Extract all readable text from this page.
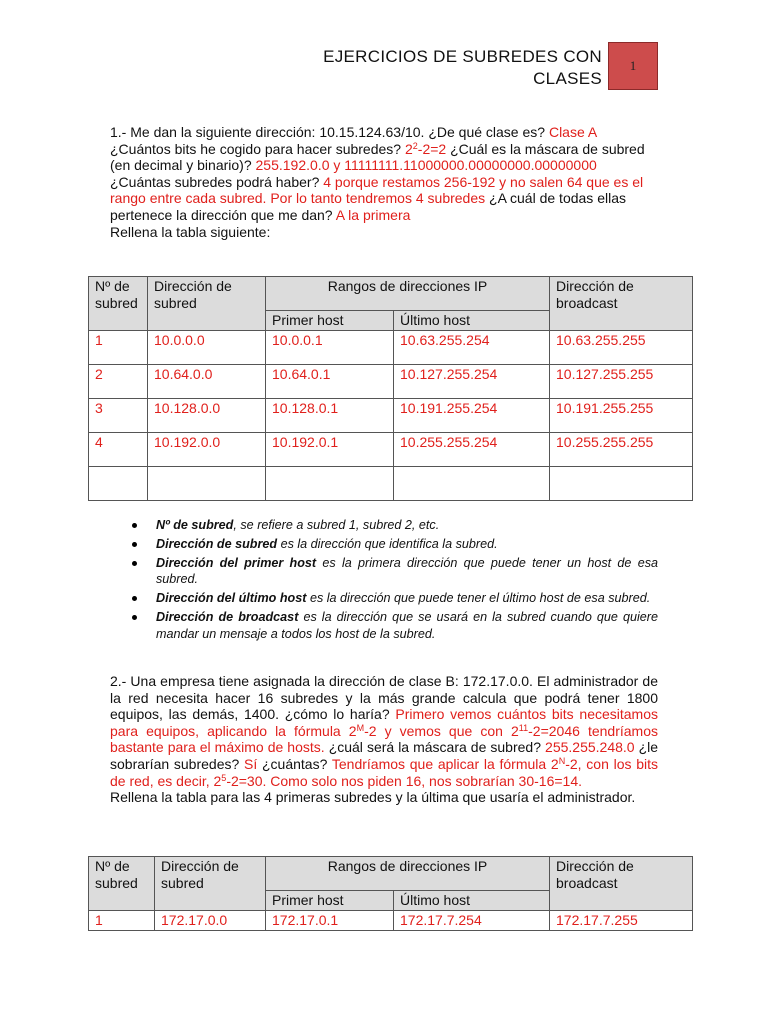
EJERCICIOS DE SUBREDES CON
CLASES
1
1.- Me dan la siguiente dirección: 10.15.124.63/10. ¿De qué clase es? Clase A ¿Cuántos bits he cogido para hacer subredes? $2^2-2=2$ ¿Cuál es la máscara de subred (en decimal y binario)? 255.192.0.0 y 11111111.11000000.00000000.00000000 ¿Cuántas subredes podrá haber? 4 porque restamos 256-192 y no salen 64 que es el rango entre cada subred. Por lo tanto tendremos 4 subredes ¿A cuál de todas ellas pertenece la dirección que me dan? A la primera
Rellena la tabla siguiente:
Nº de subred	Dirección de subred	Rangos de direcciones IP		Dirección de broadcast
		Primer host	Último host	
1	10.0.0.0	10.0.0.1	10.63.255.254	10.63.255.255
2	10.64.0.0	10.64.0.1	10.127.255.254	10.127.255.255
3	10.128.0.0	10.128.0.1	10.191.255.254	10.191.255.255
4	10.192.0.0	10.192.0.1	10.255.255.254	10.255.255.255

Nº de subred, se refiere a subred 1, subred 2, etc.
Dirección de subred es la dirección que identifica la subred.
Dirección del primer host es la primera dirección que puede tener un host de esa subred.
Dirección del último host es la dirección que puede tener el último host de esa subred.
Dirección de broadcast es la dirección que se usará en la subred cuando que quiere mandar un mensaje a todos los host de la subred.
2.- Una empresa tiene asignada la dirección de clase B: 172.17.0.0. El administrador de la red necesita hacer 16 subredes y la más grande calcula que podrá tener 1800 equipos, las demás, 1400. ¿cómo lo haría? Primero vemos cuántos bits necesitamos para equipos, aplicando la fórmula $2^M-2$ y vemos que con $2^{11}-2=2046$ tendríamos bastante para el máximo de hosts. ¿cuál será la máscara de subred? 255.255.248.0 ¿le sobrarían subredes? Sí ¿cuántas? Tendríamos que aplicar la fórmula $2^N-2$, con los bits de red, es decir, $2^5-2=30$. Como solo nos piden 16, nos sobrarían 30-16=14.
Rellena la tabla para las 4 primeras subredes y la última que usaría el administrador.
Nº de subred	Dirección de subred	Rangos de direcciones IP		Dirección de broadcast
		Primer host	Último host	
1	172.17.0.0	172.17.0.1	172.17.7.254	172.17.7.255
